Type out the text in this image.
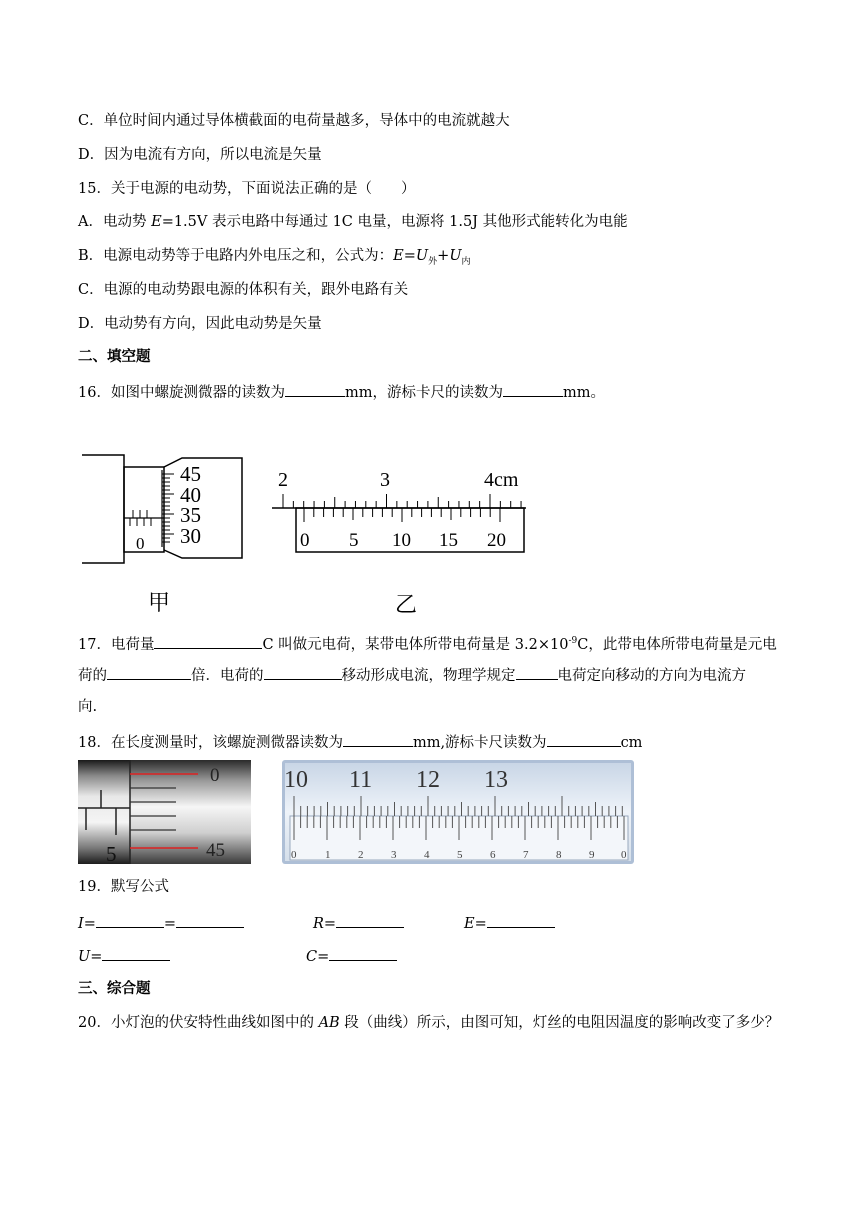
C．单位时间内通过导体横截面的电荷量越多，导体中的电流就越大
D．因为电流有方向，所以电流是矢量
15．关于电源的电动势，下面说法正确的是（　　）
A．电动势 E=1.5V 表示电路中每通过 1C 电量，电源将 1.5J 其他形式能转化为电能
B．电源电动势等于电路内外电压之和，公式为：$E=U_外+U_内$
C．电源的电动势跟电源的体积有关，跟外电路有关
D．电动势有方向，因此电动势是矢量
二、填空题
16．如图中螺旋测微器的读数为	mm，游标卡尺的读数为	mm。
0
45
40
35
30
2	3	4cm
0 5 10 15 20
甲	乙
17．电荷量	C 叫做元电荷，某带电体所带电荷量是 $3.2\times 10^{-9}C$，此带电体所带电荷量是元电
荷的	倍．电荷的	移动形成电流，物理学规定	电荷定向移动的方向为电流方
向.
18．在长度测量时，该螺旋测微器读数为	mm,游标卡尺读数为	cm
0
45
5
10 11 12 13
0	1	2	3	4	5	6	7	8	9 0
19．默写公式
I=	=	R=	E=
U=	C=
三、综合题
20．小灯泡的伏安特性曲线如图中的 AB 段（曲线）所示，由图可知，灯丝的电阻因温度的影响改变了多少？
